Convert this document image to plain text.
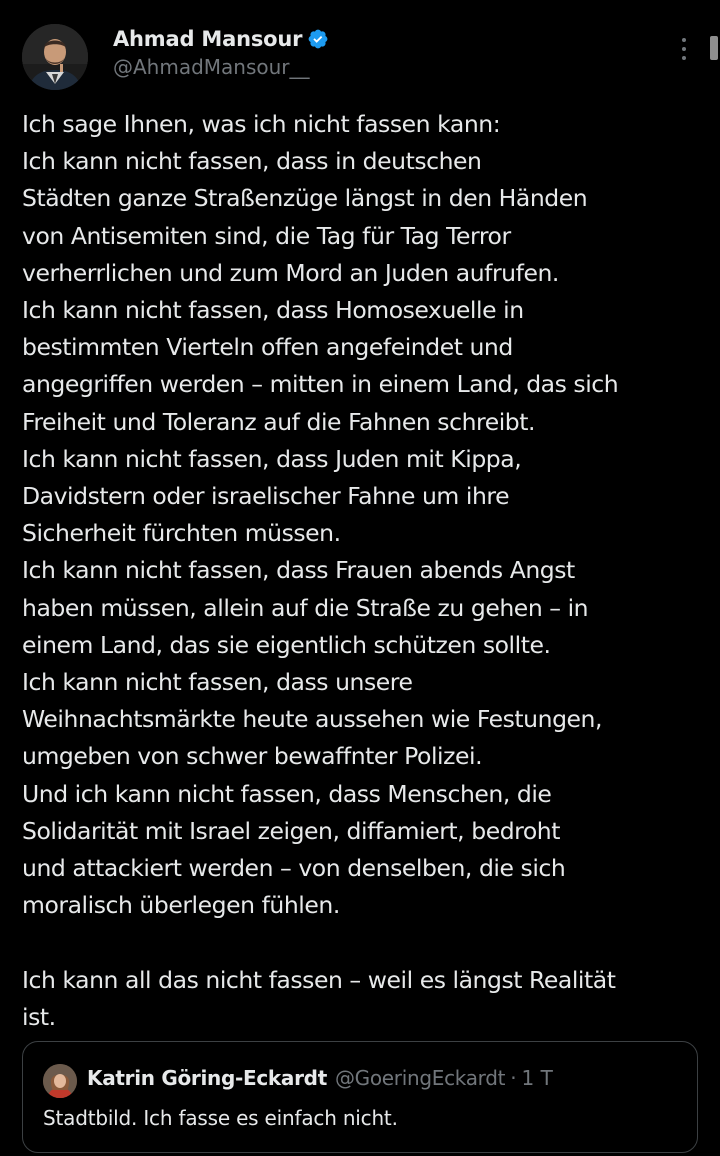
Ahmad Mansour
@AhmadMansour__
Ich sage Ihnen, was ich nicht fassen kann:
Ich kann nicht fassen, dass in deutschen
Städten ganze Straßenzüge längst in den Händen
von Antisemiten sind, die Tag für Tag Terror
verherrlichen und zum Mord an Juden aufrufen.
Ich kann nicht fassen, dass Homosexuelle in
bestimmten Vierteln offen angefeindet und
angegriffen werden – mitten in einem Land, das sich
Freiheit und Toleranz auf die Fahnen schreibt.
Ich kann nicht fassen, dass Juden mit Kippa,
Davidstern oder israelischer Fahne um ihre
Sicherheit fürchten müssen.
Ich kann nicht fassen, dass Frauen abends Angst
haben müssen, allein auf die Straße zu gehen – in
einem Land, das sie eigentlich schützen sollte.
Ich kann nicht fassen, dass unsere
Weihnachtsmärkte heute aussehen wie Festungen,
umgeben von schwer bewaffnter Polizei.
Und ich kann nicht fassen, dass Menschen, die
Solidarität mit Israel zeigen, diffamiert, bedroht
und attackiert werden – von denselben, die sich
moralisch überlegen fühlen.
Ich kann all das nicht fassen – weil es längst Realität
ist.
Katrin Göring-Eckardt @GoeringEckardt · 1 T
Stadtbild. Ich fasse es einfach nicht.
